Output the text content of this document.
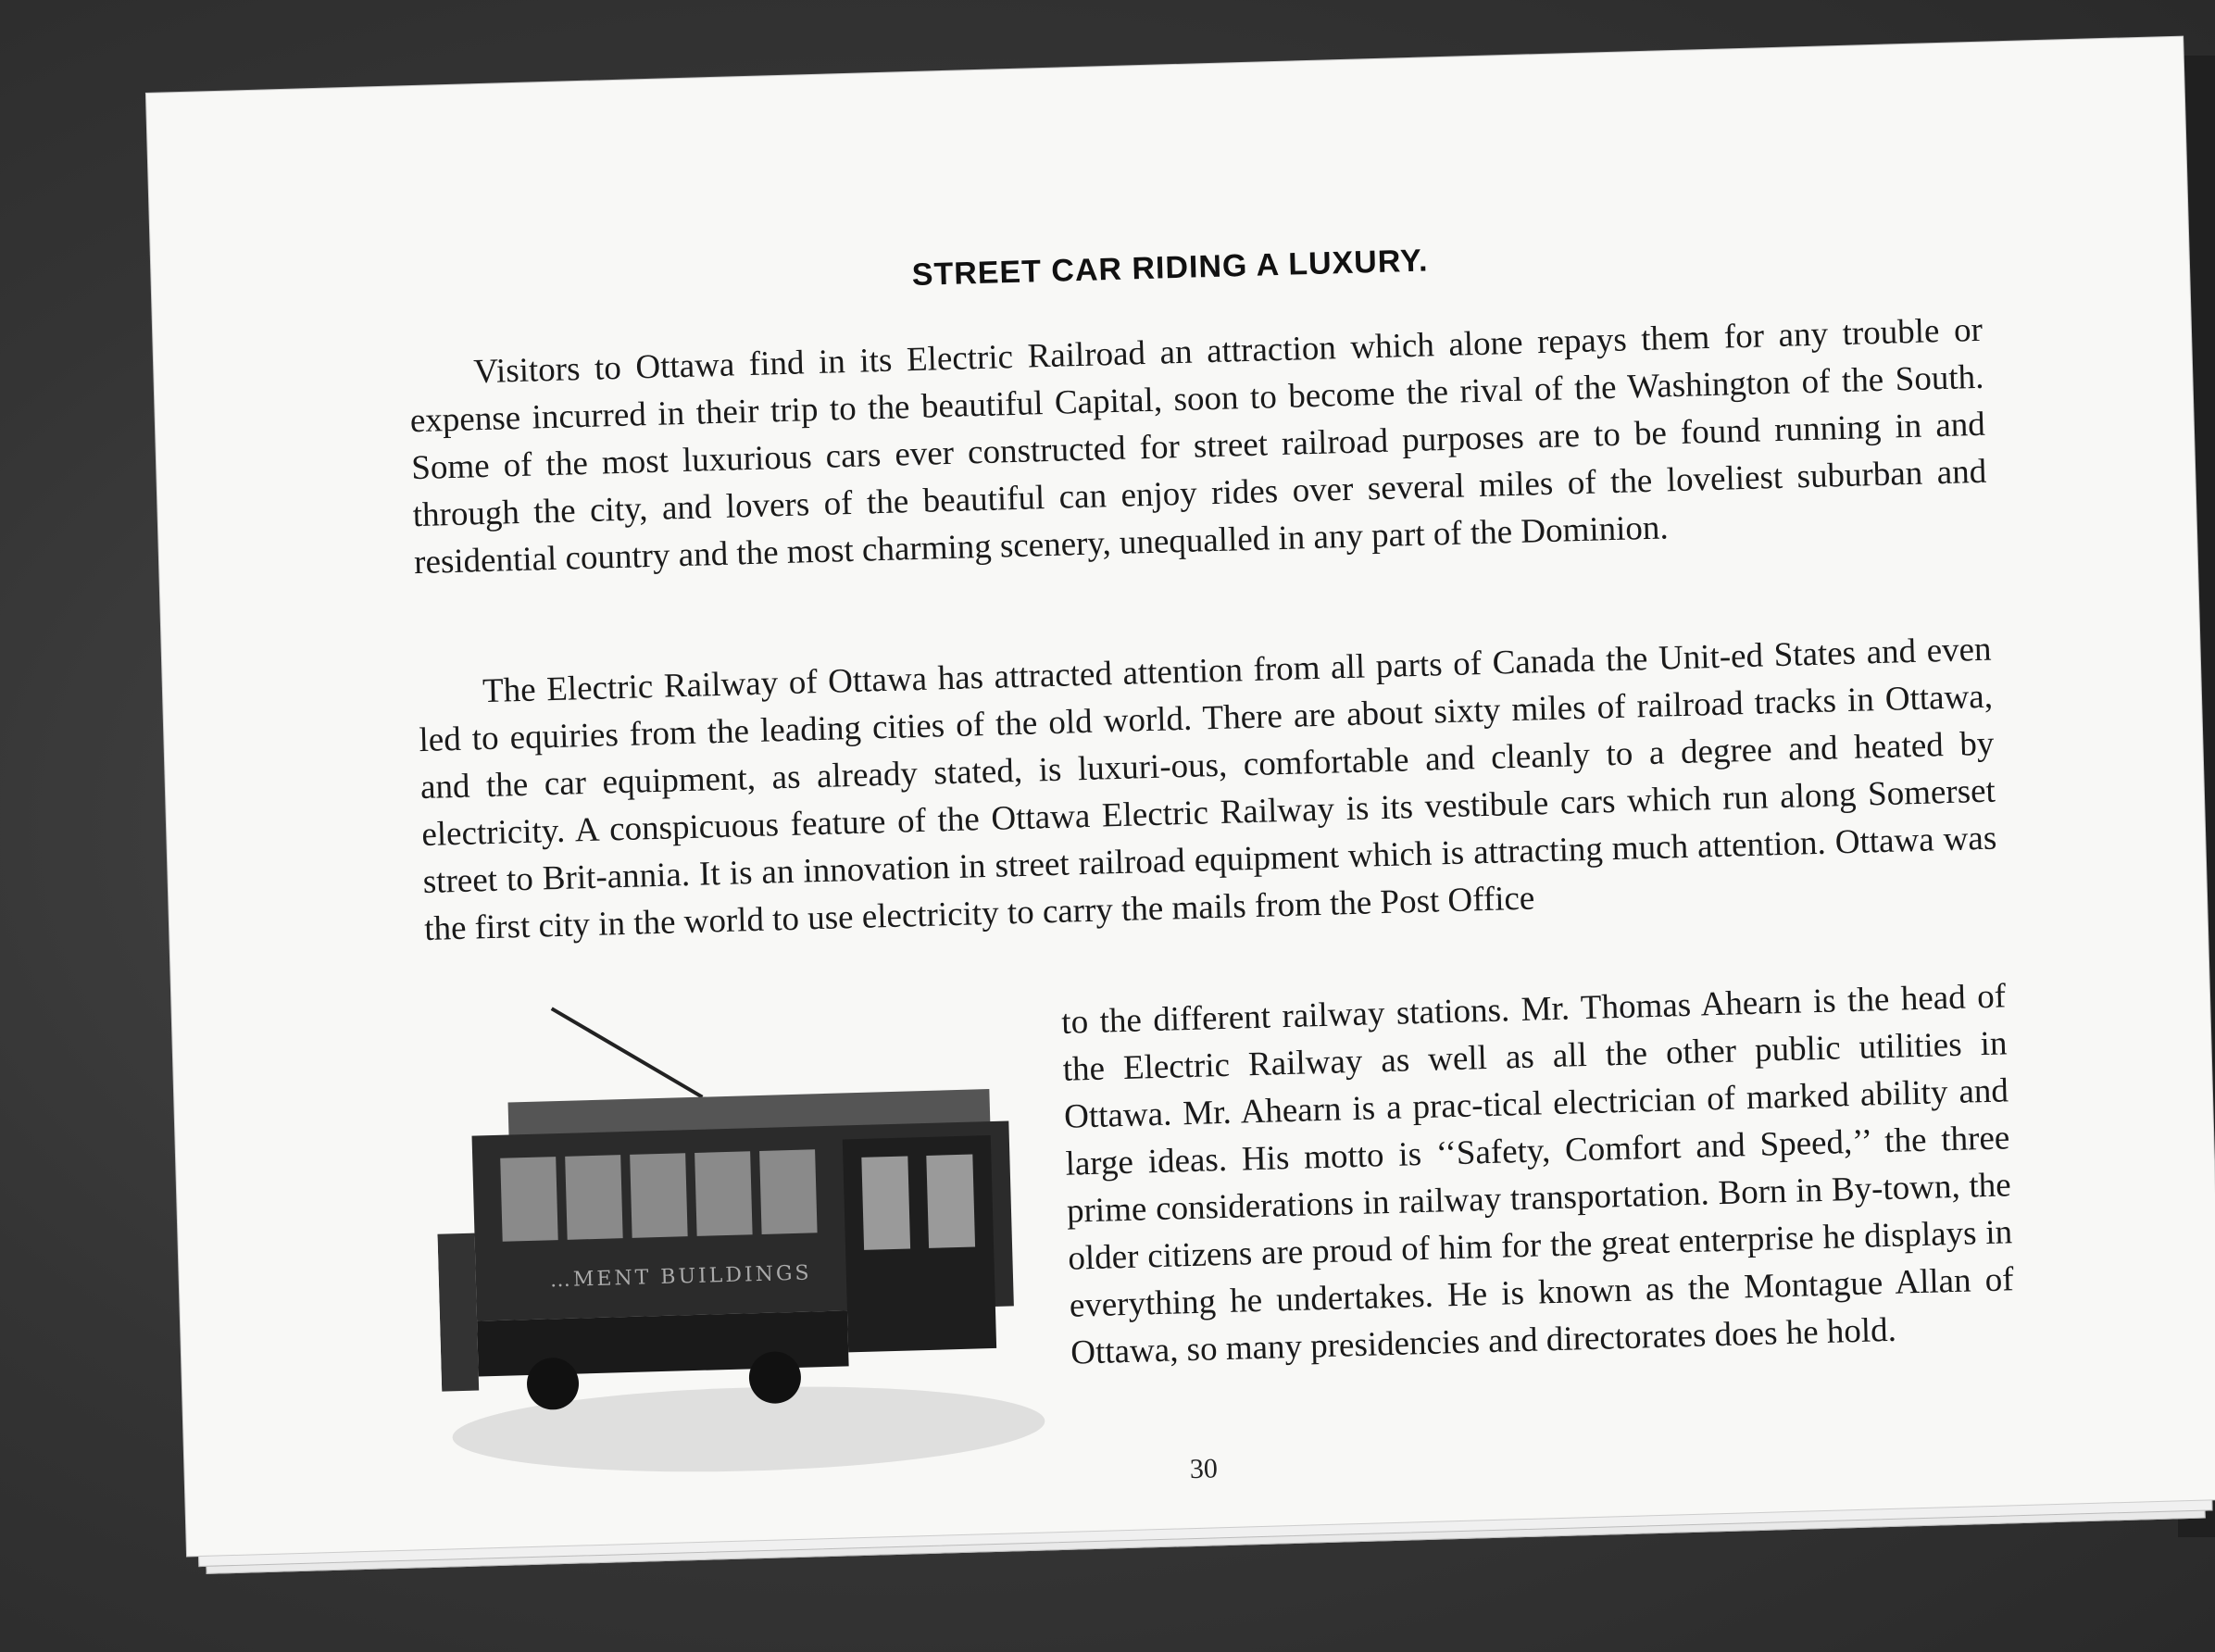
STREET CAR RIDING A LUXURY.
Visitors to Ottawa find in its Electric Railroad an attraction which alone repays them for any trouble or expense incurred in their trip to the beautiful Capital, soon to become the rival of the Washington of the South. Some of the most luxurious cars ever constructed for street railroad purposes are to be found running in and through the city, and lovers of the beautiful can enjoy rides over several miles of the loveliest suburban and residential country and the most charming scenery, unequalled in any part of the Dominion.
The Electric Railway of Ottawa has attracted attention from all parts of Canada the Unit-ed States and even led to equiries from the leading cities of the old world. There are about sixty miles of railroad tracks in Ottawa, and the car equipment, as already stated, is luxuri-ous, comfortable and cleanly to a degree and heated by electricity. A conspicuous feature of the Ottawa Electric Railway is its vestibule cars which run along Somerset street to Brit-annia. It is an innovation in street railroad equipment which is attracting much attention. Ottawa was the first city in the world to use electricity to carry the mails from the Post Office
…MENT BUILDINGS
to the different railway stations. Mr. Thomas Ahearn is the head of the Electric Railway as well as all the other public utilities in Ottawa. Mr. Ahearn is a prac-tical electrician of marked ability and large ideas. His motto is ‘‘Safety, Comfort and Speed,’’ the three prime considerations in railway transportation. Born in By-town, the older citizens are proud of him for the great enterprise he displays in everything he undertakes. He is known as the Montague Allan of Ottawa, so many presidencies and directorates does he hold.
30
